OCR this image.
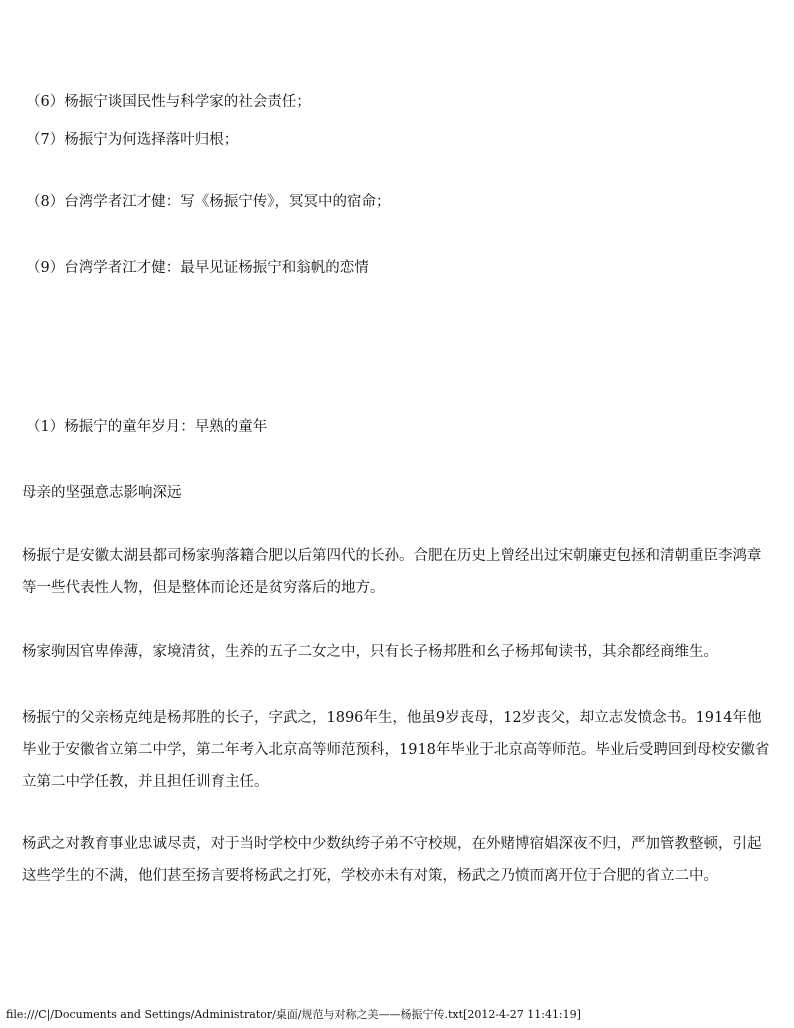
（6）杨振宁谈国民性与科学家的社会责任；

（7）杨振宁为何选择落叶归根；

（8）台湾学者江才健：写《杨振宁传》，冥冥中的宿命；

（9）台湾学者江才健：最早见证杨振宁和翁帆的恋情

（1）杨振宁的童年岁月：早熟的童年

母亲的坚强意志影响深远

杨振宁是安徽太湖县都司杨家驹落籍合肥以后第四代的长孙。合肥在历史上曾经出过宋朝廉吏包拯和清朝重臣李鸿章等一些代表性人物，但是整体而论还是贫穷落后的地方。

杨家驹因官卑俸薄，家境清贫，生养的五子二女之中，只有长子杨邦胜和幺子杨邦甸读书，其余都经商维生。

杨振宁的父亲杨克纯是杨邦胜的长子，字武之，1896年生，他虽9岁丧母，12岁丧父，却立志发愤念书。1914年他毕业于安徽省立第二中学，第二年考入北京高等师范预科，1918年毕业于北京高等师范。毕业后受聘回到母校安徽省立第二中学任教，并且担任训育主任。

杨武之对教育事业忠诚尽责，对于当时学校中少数纨绔子弟不守校规，在外赌博宿娼深夜不归，严加管教整顿，引起这些学生的不满，他们甚至扬言要将杨武之打死，学校亦未有对策，杨武之乃愤而离开位于合肥的省立二中。

file:///C|/Documents and Settings/Administrator/桌面/规范与对称之美——杨振宁传.txt[2012-4-27 11:41:19]
